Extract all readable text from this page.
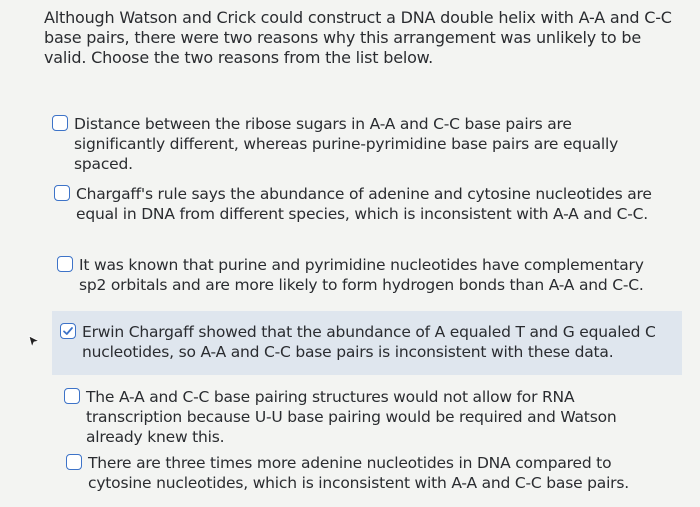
Although Watson and Crick could construct a DNA double helix with A-A and C-C base pairs, there were two reasons why this arrangement was unlikely to be valid. Choose the two reasons from the list below.
Distance between the ribose sugars in A-A and C-C base pairs are significantly different, whereas purine-pyrimidine base pairs are equally spaced.
Chargaff's rule says the abundance of adenine and cytosine nucleotides are equal in DNA from different species, which is inconsistent with A-A and C-C.
It was known that purine and pyrimidine nucleotides have complementary sp2 orbitals and are more likely to form hydrogen bonds than A-A and C-C.
Erwin Chargaff showed that the abundance of A equaled T and G equaled C nucleotides, so A-A and C-C base pairs is inconsistent with these data.
The A-A and C-C base pairing structures would not allow for RNA transcription because U-U base pairing would be required and Watson already knew this.
There are three times more adenine nucleotides in DNA compared to cytosine nucleotides, which is inconsistent with A-A and C-C base pairs.
